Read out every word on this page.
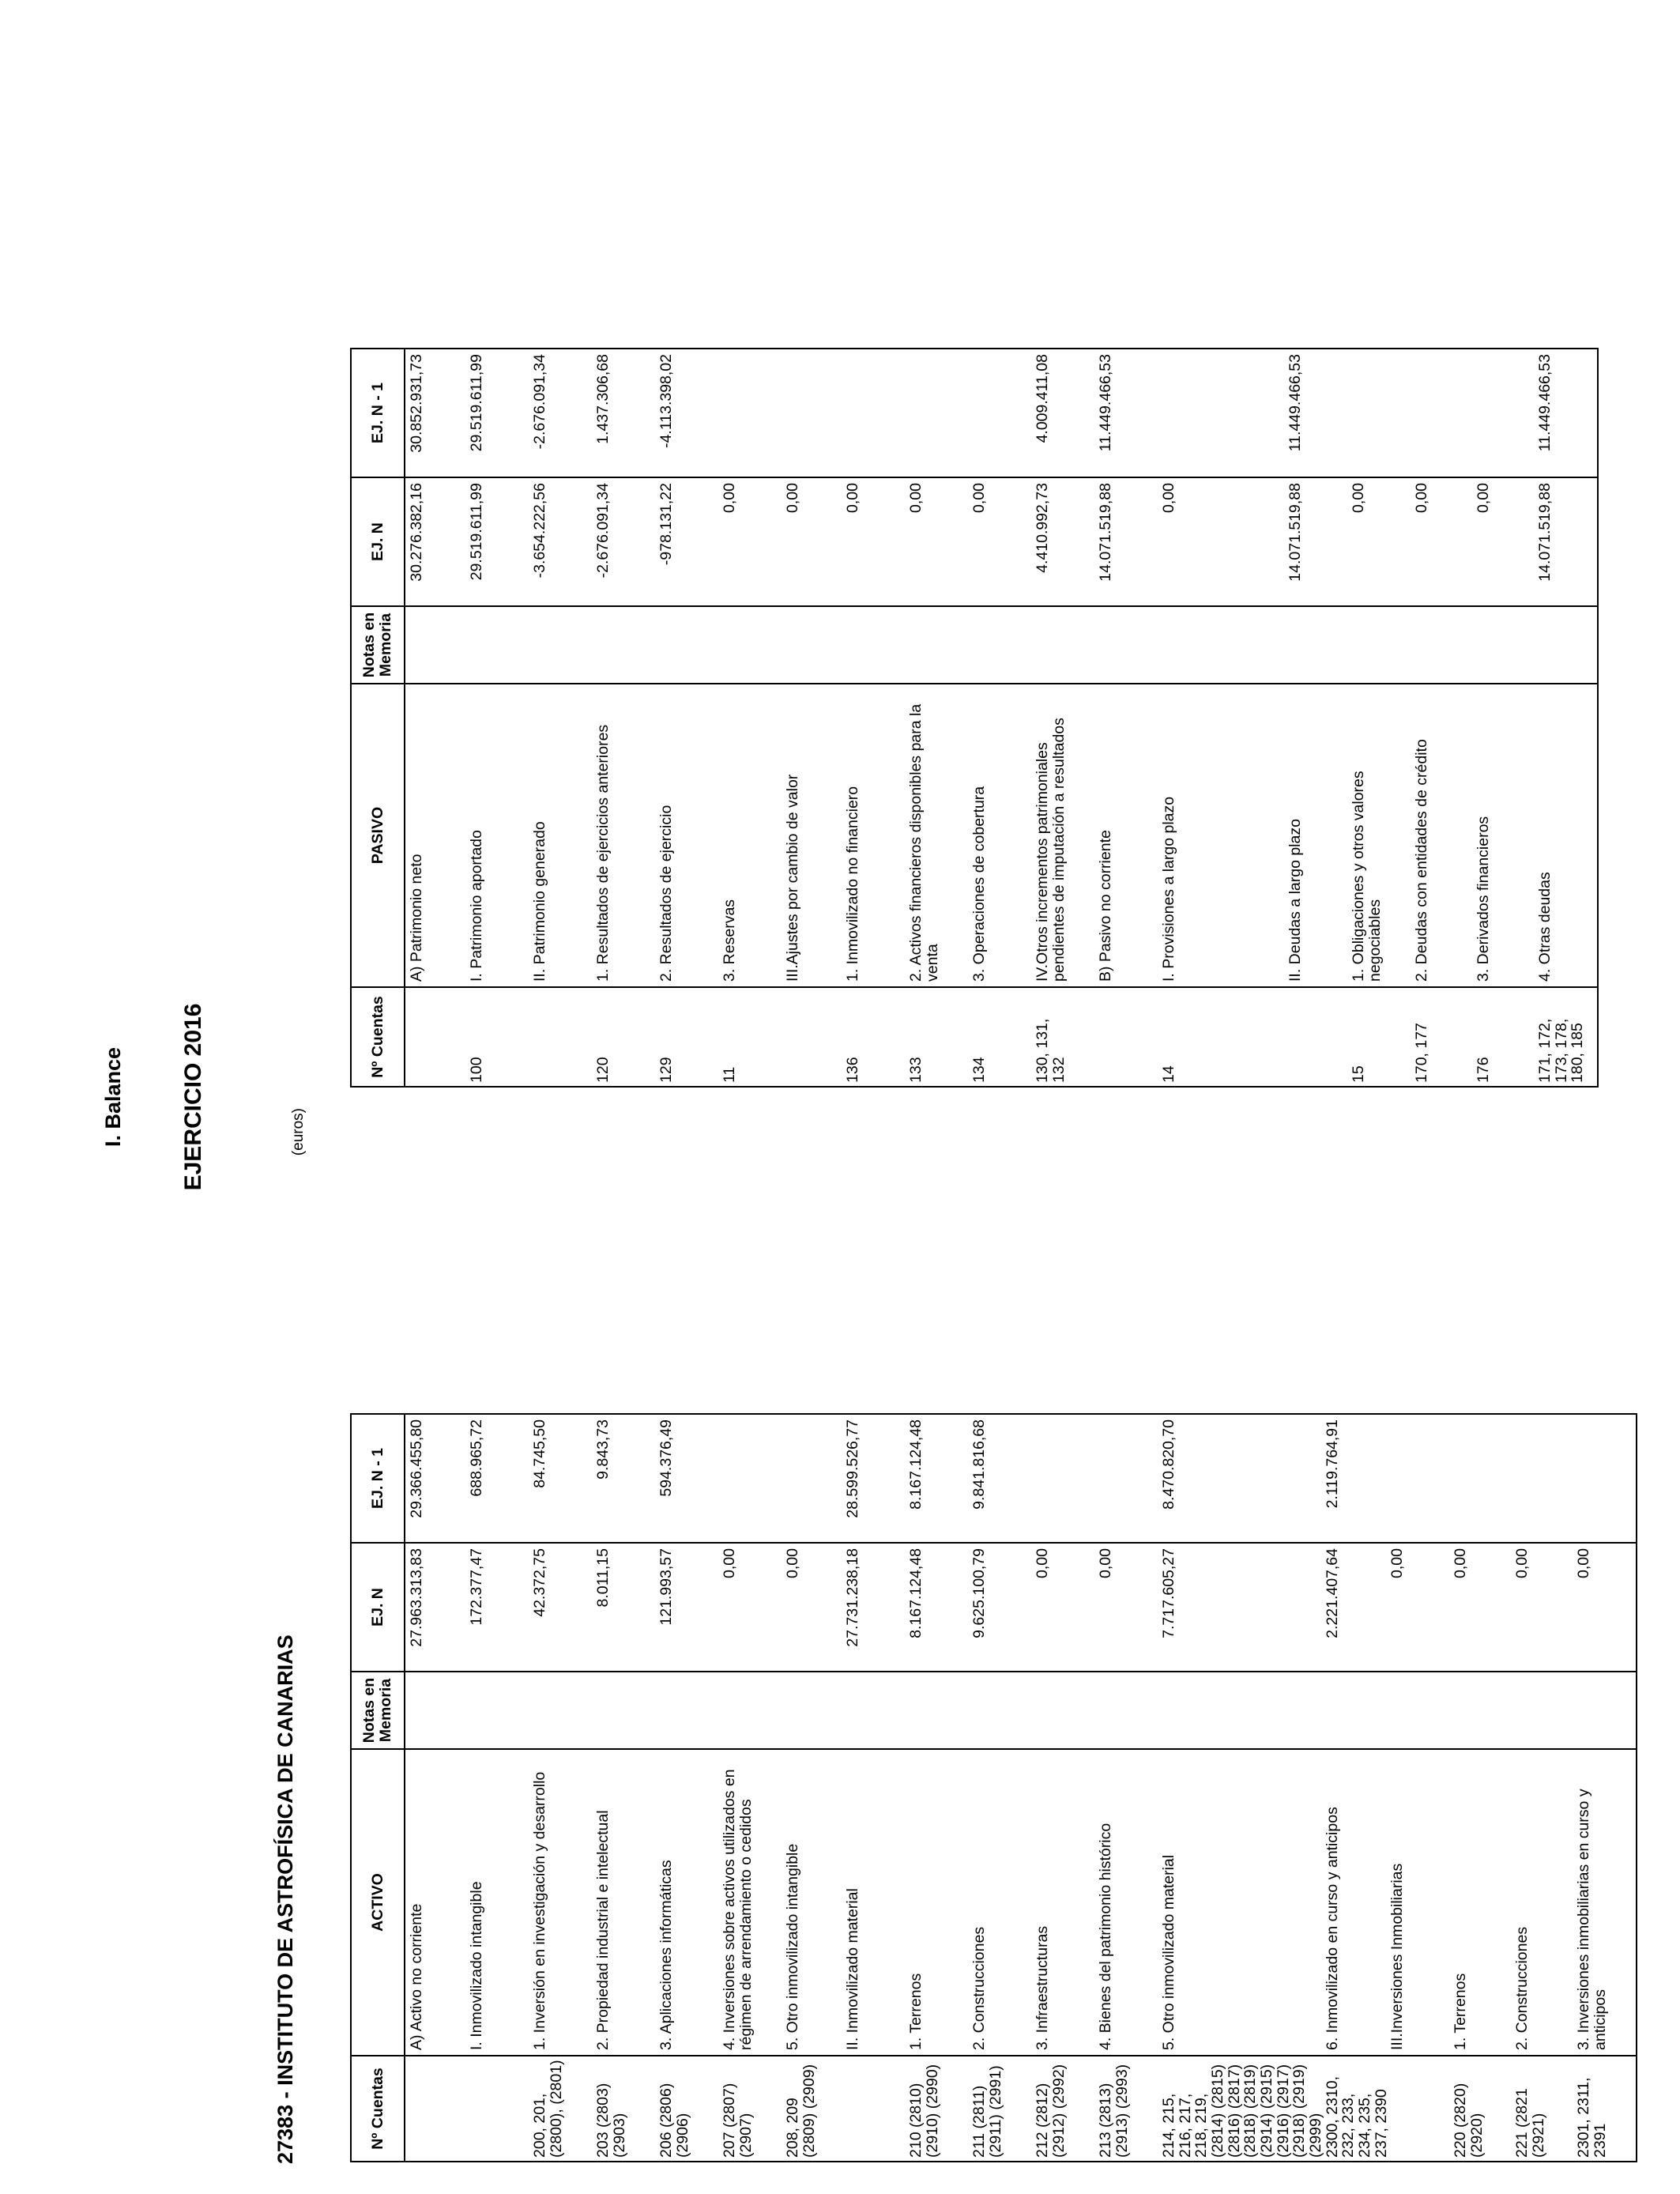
I. Balance EJERCICIO 2016
27383 - INSTITUTO DE ASTROFÍSICA DE CANARIAS
(euros)
Nº Cuentas	ACTIVO	Notas en Memoria	EJ. N	EJ. N - 1
	A) Activo no corriente		27.963.313,83	29.366.455,80
	I. Inmovilizado intangible		172.377,47	688.965,72
200, 201, (2800), (2801)	1. Inversión en investigación y desarrollo		42.372,75	84.745,50
203 (2803) (2903)	2. Propiedad industrial e intelectual		8.011,15	9.843,73
206 (2806) (2906)	3. Aplicaciones informáticas		121.993,57	594.376,49
207 (2807) (2907)	4. Inversiones sobre activos utilizados en régimen de arrendamiento o cedidos		0,00	
208, 209 (2809) (2909)	5. Otro inmovilizado intangible		0,00	
	II. Inmovilizado material		27.731.238,18	28.599.526,77
210 (2810) (2910) (2990)	1. Terrenos		8.167.124,48	8.167.124,48
211 (2811) (2911) (2991)	2. Construcciones		9.625.100,79	9.841.816,68
212 (2812) (2912) (2992)	3. Infraestructuras		0,00	
213 (2813) (2913) (2993)	4. Bienes del patrimonio histórico		0,00	
214, 215, 216, 217, 218, 219, (2814) (2815) (2816) (2817) (2818) (2819) (2914) (2915) (2916) (2917) (2918) (2919) (2999)	5. Otro inmovilizado material		7.717.605,27	8.470.820,70
2300, 2310, 232, 233, 234, 235, 237, 2390	6. Inmovilizado en curso y anticipos		2.221.407,64	2.119.764,91
	III.Inversiones Inmobiliarias		0,00	
220 (2820) (2920)	1. Terrenos		0,00	
221 (2821 (2921)	2. Construcciones		0,00	
2301, 2311, 2391	3. Inversiones inmobiliarias en curso y anticipos		0,00	
Nº Cuentas	PASIVO	Notas en Memoria	EJ. N	EJ. N - 1
	A) Patrimonio neto		30.276.382,16	30.852.931,73
100	I. Patrimonio aportado		29.519.611,99	29.519.611,99
	II. Patrimonio generado		-3.654.222,56	-2.676.091,34
120	1. Resultados de ejercicios anteriores		-2.676.091,34	1.437.306,68
129	2. Resultados de ejercicio		-978.131,22	-4.113.398,02
11	3. Reservas		0,00	
	III.Ajustes por cambio de valor		0,00	
136	1. Inmovilizado no financiero		0,00	
133	2. Activos financieros disponibles para la venta		0,00	
134	3. Operaciones de cobertura		0,00	
130, 131, 132	IV.Otros incrementos patrimoniales pendientes de imputación a resultados		4.410.992,73	4.009.411,08
	B) Pasivo no corriente		14.071.519,88	11.449.466,53
14	I. Provisiones a largo plazo		0,00	
	II. Deudas a largo plazo		14.071.519,88	11.449.466,53
15	1. Obligaciones y otros valores negociables		0,00	
170, 177	2. Deudas con entidades de crédito		0,00	
176	3. Derivados financieros		0,00	
171, 172, 173, 178, 180, 185	4. Otras deudas		14.071.519,88	11.449.466,53
